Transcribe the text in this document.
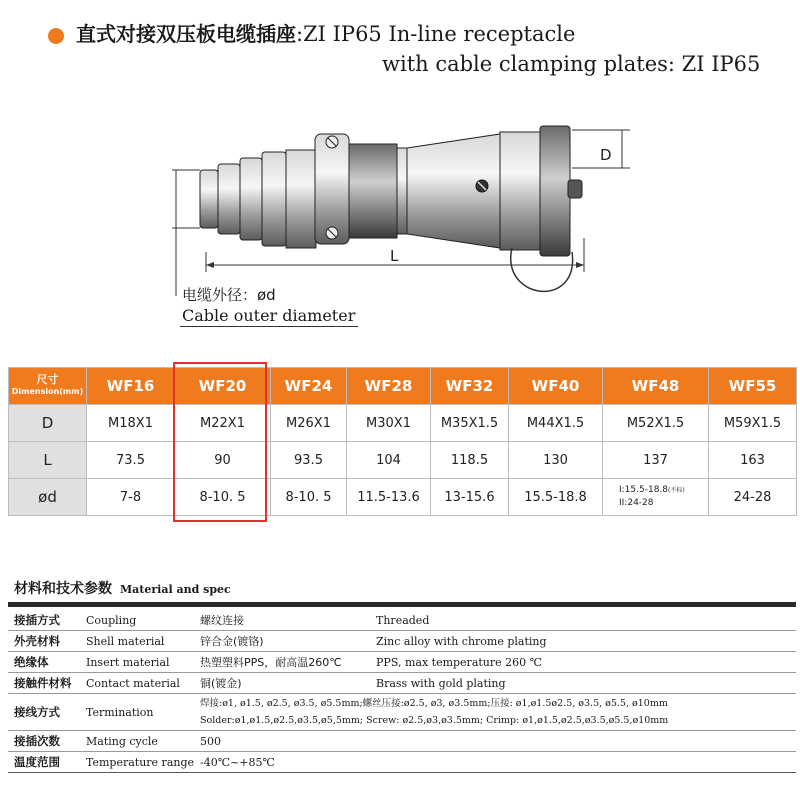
直式对接双压板电缆插座:ZI IP65 In-line receptacle
with cable clamping plates: ZI IP65
D
L
电缆外径：ød
Cable outer diameter
尺寸
Dimension(mm)	WF16	WF20	WF24	WF28	WF32	WF40	WF48	WF55
D	M18X1	M22X1	M26X1	M30X1	M35X1.5	M44X1.5	M52X1.5	M59X1.5
L	73.5	90	93.5	104	118.5	130	137	163
ød	7-8	8-10. 5	8-10. 5	11.5-13.6	13-15.6	15.5-18.8	I:15.5-18.8(不标)
II:24-28	24-28
材料和技术参数 Material and spec
接插方式	Coupling	螺纹连接	Threaded
外壳材料	Shell material	锌合金(镀铬)	Zinc alloy with chrome plating
绝缘体	Insert material	热塑塑料PPS，耐高温260℃	PPS, max temperature 260 ℃
接触件材料	Contact material	铜(镀金)	Brass with gold plating
接线方式	Termination	焊接:ø1, ø1.5, ø2.5, ø3.5, ø5.5mm;螺丝压接:ø2.5, ø3, ø3.5mm;压接: ø1,ø1.5ø2.5, ø3.5, ø5.5, ø10mm
Solder:ø1,ø1.5,ø2.5,ø3.5,ø5,5mm; Screw: ø2.5,ø3,ø3.5mm; Crimp: ø1,ø1.5,ø2.5,ø3.5,ø5.5,ø10mm	
接插次数	Mating cycle	500	
温度范围	Temperature range	-40℃~+85℃	
